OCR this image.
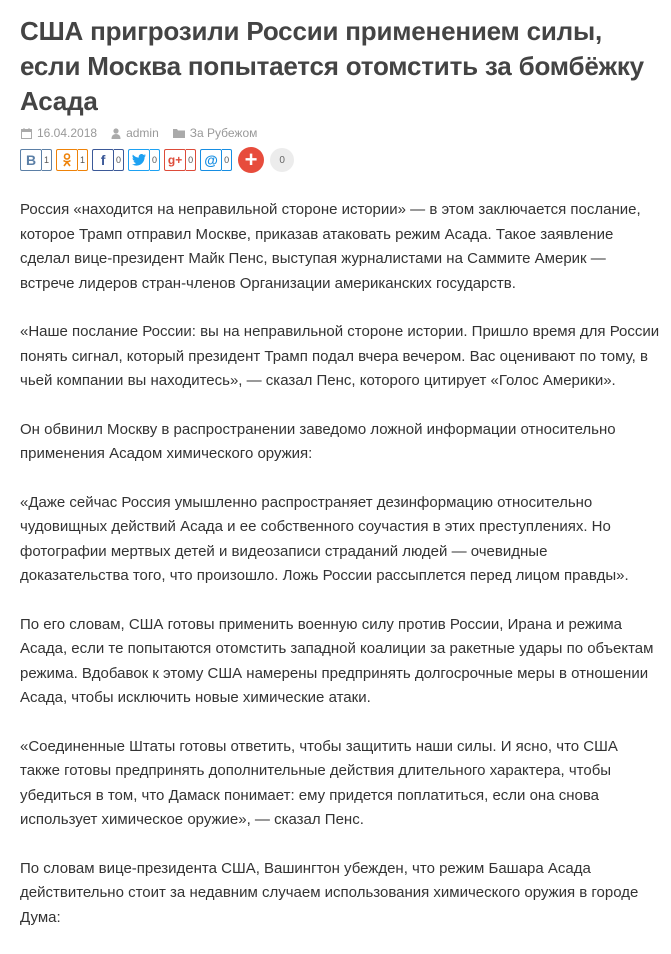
США пригрозили России применением силы, если Москва попытается отомстить за бомбёжку Асада
16.04.2018 admin	За Рубежом
В 1	1	f	0	0 g+ 0 @ 0 +	0

Россия «находится на неправильной стороне истории» — в этом заключается послание, которое Трамп отправил Москве, приказав атаковать режим Асада. Такое заявление сделал вице-президент Майк Пенс, выступая журналистами на Саммите Америк — встрече лидеров стран-членов Организации американских государств.

«Наше послание России: вы на неправильной стороне истории. Пришло время для России понять сигнал, который президент Трамп подал вчера вечером. Вас оценивают по тому, в чьей компании вы находитесь», — сказал Пенс, которого цитирует «Голос Америки».

Он обвинил Москву в распространении заведомо ложной информации относительно применения Асадом химического оружия:

«Даже сейчас Россия умышленно распространяет дезинформацию относительно чудовищных действий Асада и ее собственного соучастия в этих преступлениях. Но фотографии мертвых детей и видеозаписи страданий людей — очевидные доказательства того, что произошло. Ложь России рассыплется перед лицом правды».

По его словам, США готовы применить военную силу против России, Ирана и режима Асада, если те попытаются отомстить западной коалиции за ракетные удары по объектам режима. Вдобавок к этому США намерены предпринять долгосрочные меры в отношении Асада, чтобы исключить новые химические атаки.

«Соединенные Штаты готовы ответить, чтобы защитить наши силы. И ясно, что США также готовы предпринять дополнительные действия длительного характера, чтобы убедиться в том, что Дамаск понимает: ему придется поплатиться, если она снова использует химическое оружие», — сказал Пенс.

По словам вице-президента США, Вашингтон убежден, что режим Башара Асада действительно стоит за недавним случаем использования химического оружия в городе Дума:
